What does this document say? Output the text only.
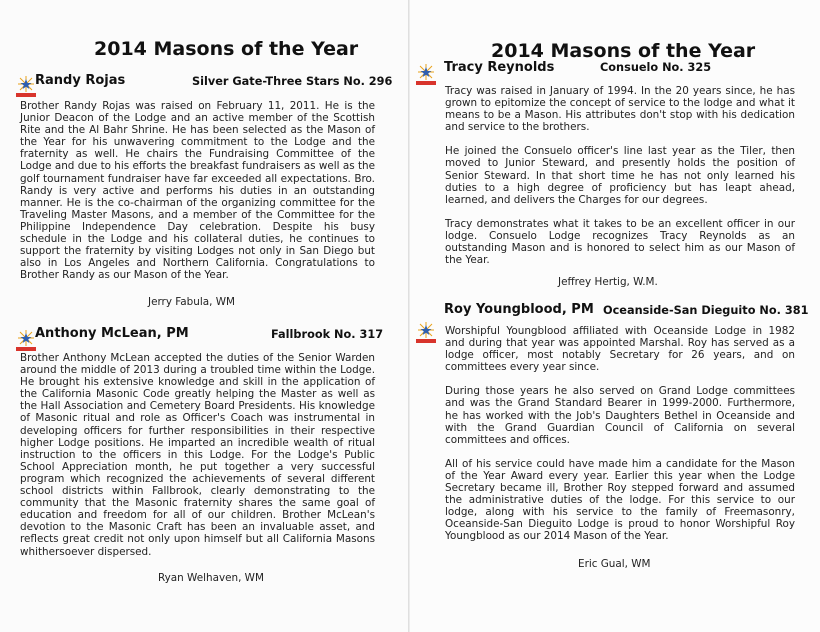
2014 Masons of the Year
Randy Rojas	Silver Gate-Three Stars No. 296

Brother Randy Rojas was raised on February 11, 2011. He is the Junior Deacon of the Lodge and an active member of the Scottish Rite and the Al Bahr Shrine. He has been selected as the Mason of the Year for his unwavering commitment to the Lodge and the fraternity as well. He chairs the Fundraising Committee of the Lodge and due to his efforts the breakfast fundraisers as well as the golf tournament fundraiser have far exceeded all expectations. Bro. Randy is very active and performs his duties in an outstanding manner. He is the co-chairman of the organizing committee for the Traveling Master Masons, and a member of the Committee for the Philippine Independence Day celebration. Despite his busy schedule in the Lodge and his collateral duties, he continues to support the fraternity by visiting Lodges not only in San Diego but also in Los Angeles and Northern California. Congratulations to Brother Randy as our Mason of the Year.

Jerry Fabula, WM
Anthony McLean, PM	Fallbrook No. 317

Brother Anthony McLean accepted the duties of the Senior Warden around the middle of 2013 during a troubled time within the Lodge. He brought his extensive knowledge and skill in the application of the California Masonic Code greatly helping the Master as well as the Hall Association and Cemetery Board Presidents. His knowledge of Masonic ritual and role as Officer's Coach was instrumental in developing officers for further responsibilities in their respective higher Lodge positions. He imparted an incredible wealth of ritual instruction to the officers in this Lodge. For the Lodge's Public School Appreciation month, he put together a very successful program which recognized the achievements of several different school districts within Fallbrook, clearly demonstrating to the community that the Masonic fraternity shares the same goal of education and freedom for all of our children. Brother McLean's devotion to the Masonic Craft has been an invaluable asset, and reflects great credit not only upon himself but all California Masons whithersoever dispersed.

Ryan Welhaven, WM
2014 Masons of the Year
Tracy Reynolds	Consuelo No. 325

Tracy was raised in January of 1994. In the 20 years since, he has grown to epitomize the concept of service to the lodge and what it means to be a Mason. His attributes don't stop with his dedication and service to the brothers.

He joined the Consuelo officer's line last year as the Tiler, then moved to Junior Steward, and presently holds the position of Senior Steward. In that short time he has not only learned his duties to a high degree of proficiency but has leapt ahead, learned, and delivers the Charges for our degrees.

Tracy demonstrates what it takes to be an excellent officer in our lodge. Consuelo Lodge recognizes Tracy Reynolds as an outstanding Mason and is honored to select him as our Mason of the Year.

Jeffrey Hertig, W.M.
Roy Youngblood, PM Oceanside-San Dieguito No. 381

Worshipful Youngblood affiliated with Oceanside Lodge in 1982 and during that year was appointed Marshal. Roy has served as a lodge officer, most notably Secretary for 26 years, and on committees every year since.

During those years he also served on Grand Lodge committees and was the Grand Standard Bearer in 1999-2000. Furthermore, he has worked with the Job's Daughters Bethel in Oceanside and with the Grand Guardian Council of California on several committees and offices.

All of his service could have made him a candidate for the Mason of the Year Award every year. Earlier this year when the Lodge Secretary became ill, Brother Roy stepped forward and assumed the administrative duties of the lodge. For this service to our lodge, along with his service to the family of Freemasonry, Oceanside-San Dieguito Lodge is proud to honor Worshipful Roy Youngblood as our 2014 Mason of the Year.

Eric Gual, WM
